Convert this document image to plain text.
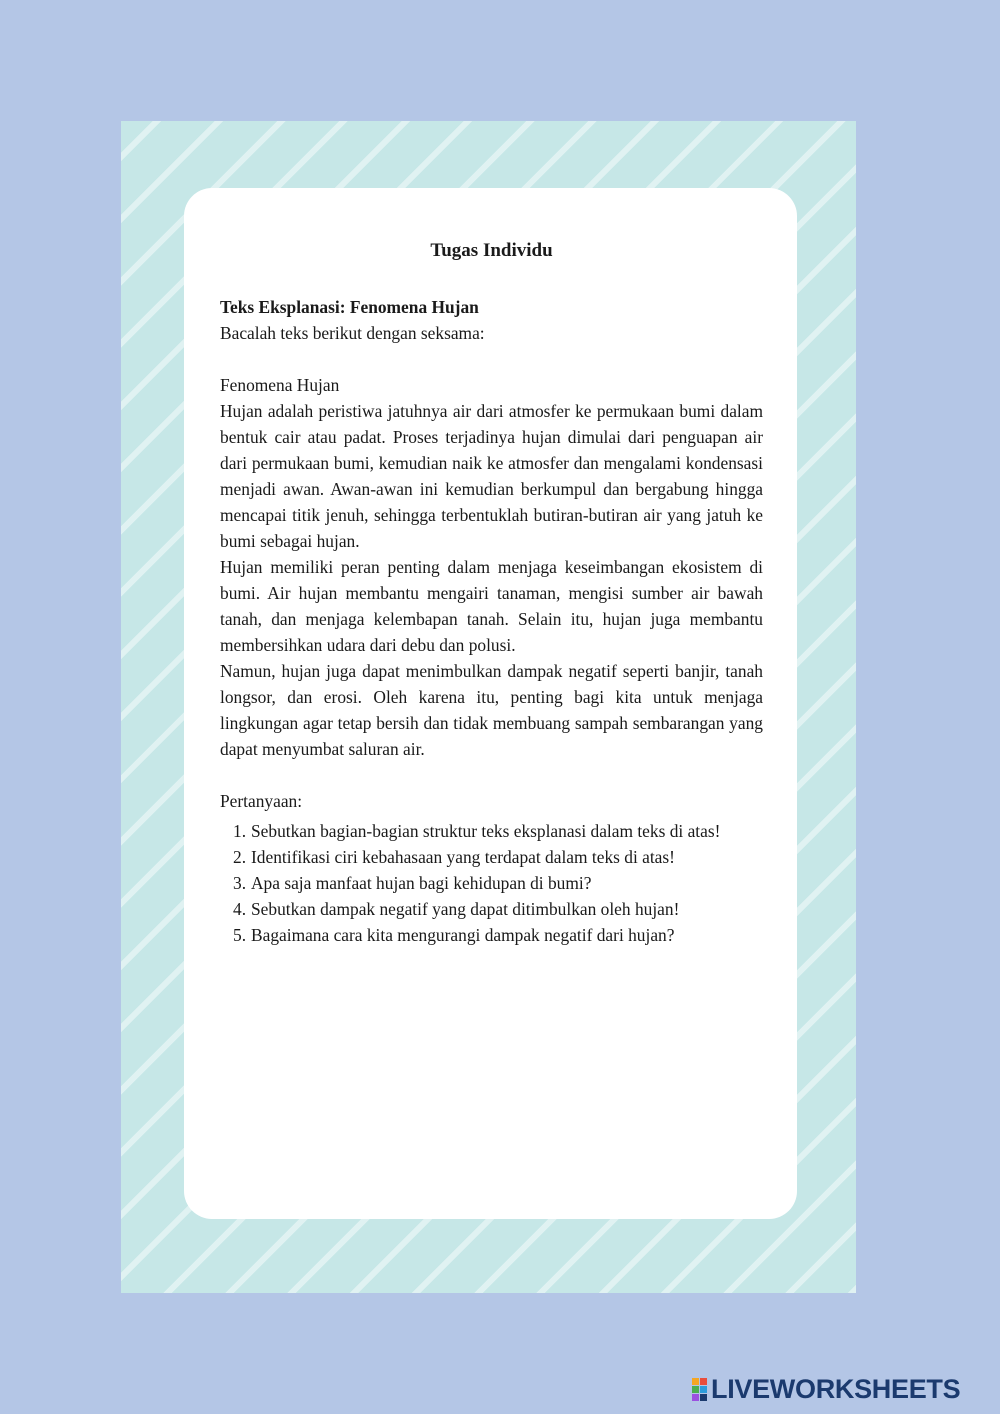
Tugas Individu
Teks Eksplanasi: Fenomena Hujan
Bacalah teks berikut dengan seksama:
Fenomena Hujan

Hujan adalah peristiwa jatuhnya air dari atmosfer ke permukaan bumi dalam bentuk cair atau padat. Proses terjadinya hujan dimulai dari penguapan air dari permukaan bumi, kemudian naik ke atmosfer dan mengalami kondensasi menjadi awan. Awan-awan ini kemudian berkumpul dan bergabung hingga mencapai titik jenuh, sehingga terbentuklah butiran-butiran air yang jatuh ke bumi sebagai hujan.

Hujan memiliki peran penting dalam menjaga keseimbangan ekosistem di bumi. Air hujan membantu mengairi tanaman, mengisi sumber air bawah tanah, dan menjaga kelembapan tanah. Selain itu, hujan juga membantu membersihkan udara dari debu dan polusi.

Namun, hujan juga dapat menimbulkan dampak negatif seperti banjir, tanah longsor, dan erosi. Oleh karena itu, penting bagi kita untuk menjaga lingkungan agar tetap bersih dan tidak membuang sampah sembarangan yang dapat menyumbat saluran air.

Pertanyaan:
1. Sebutkan bagian-bagian struktur teks eksplanasi dalam teks di atas!
2. Identifikasi ciri kebahasaan yang terdapat dalam teks di atas!
3. Apa saja manfaat hujan bagi kehidupan di bumi?
4. Sebutkan dampak negatif yang dapat ditimbulkan oleh hujan!
5. Bagaimana cara kita mengurangi dampak negatif dari hujan?
LIVEWORKSHEETS
